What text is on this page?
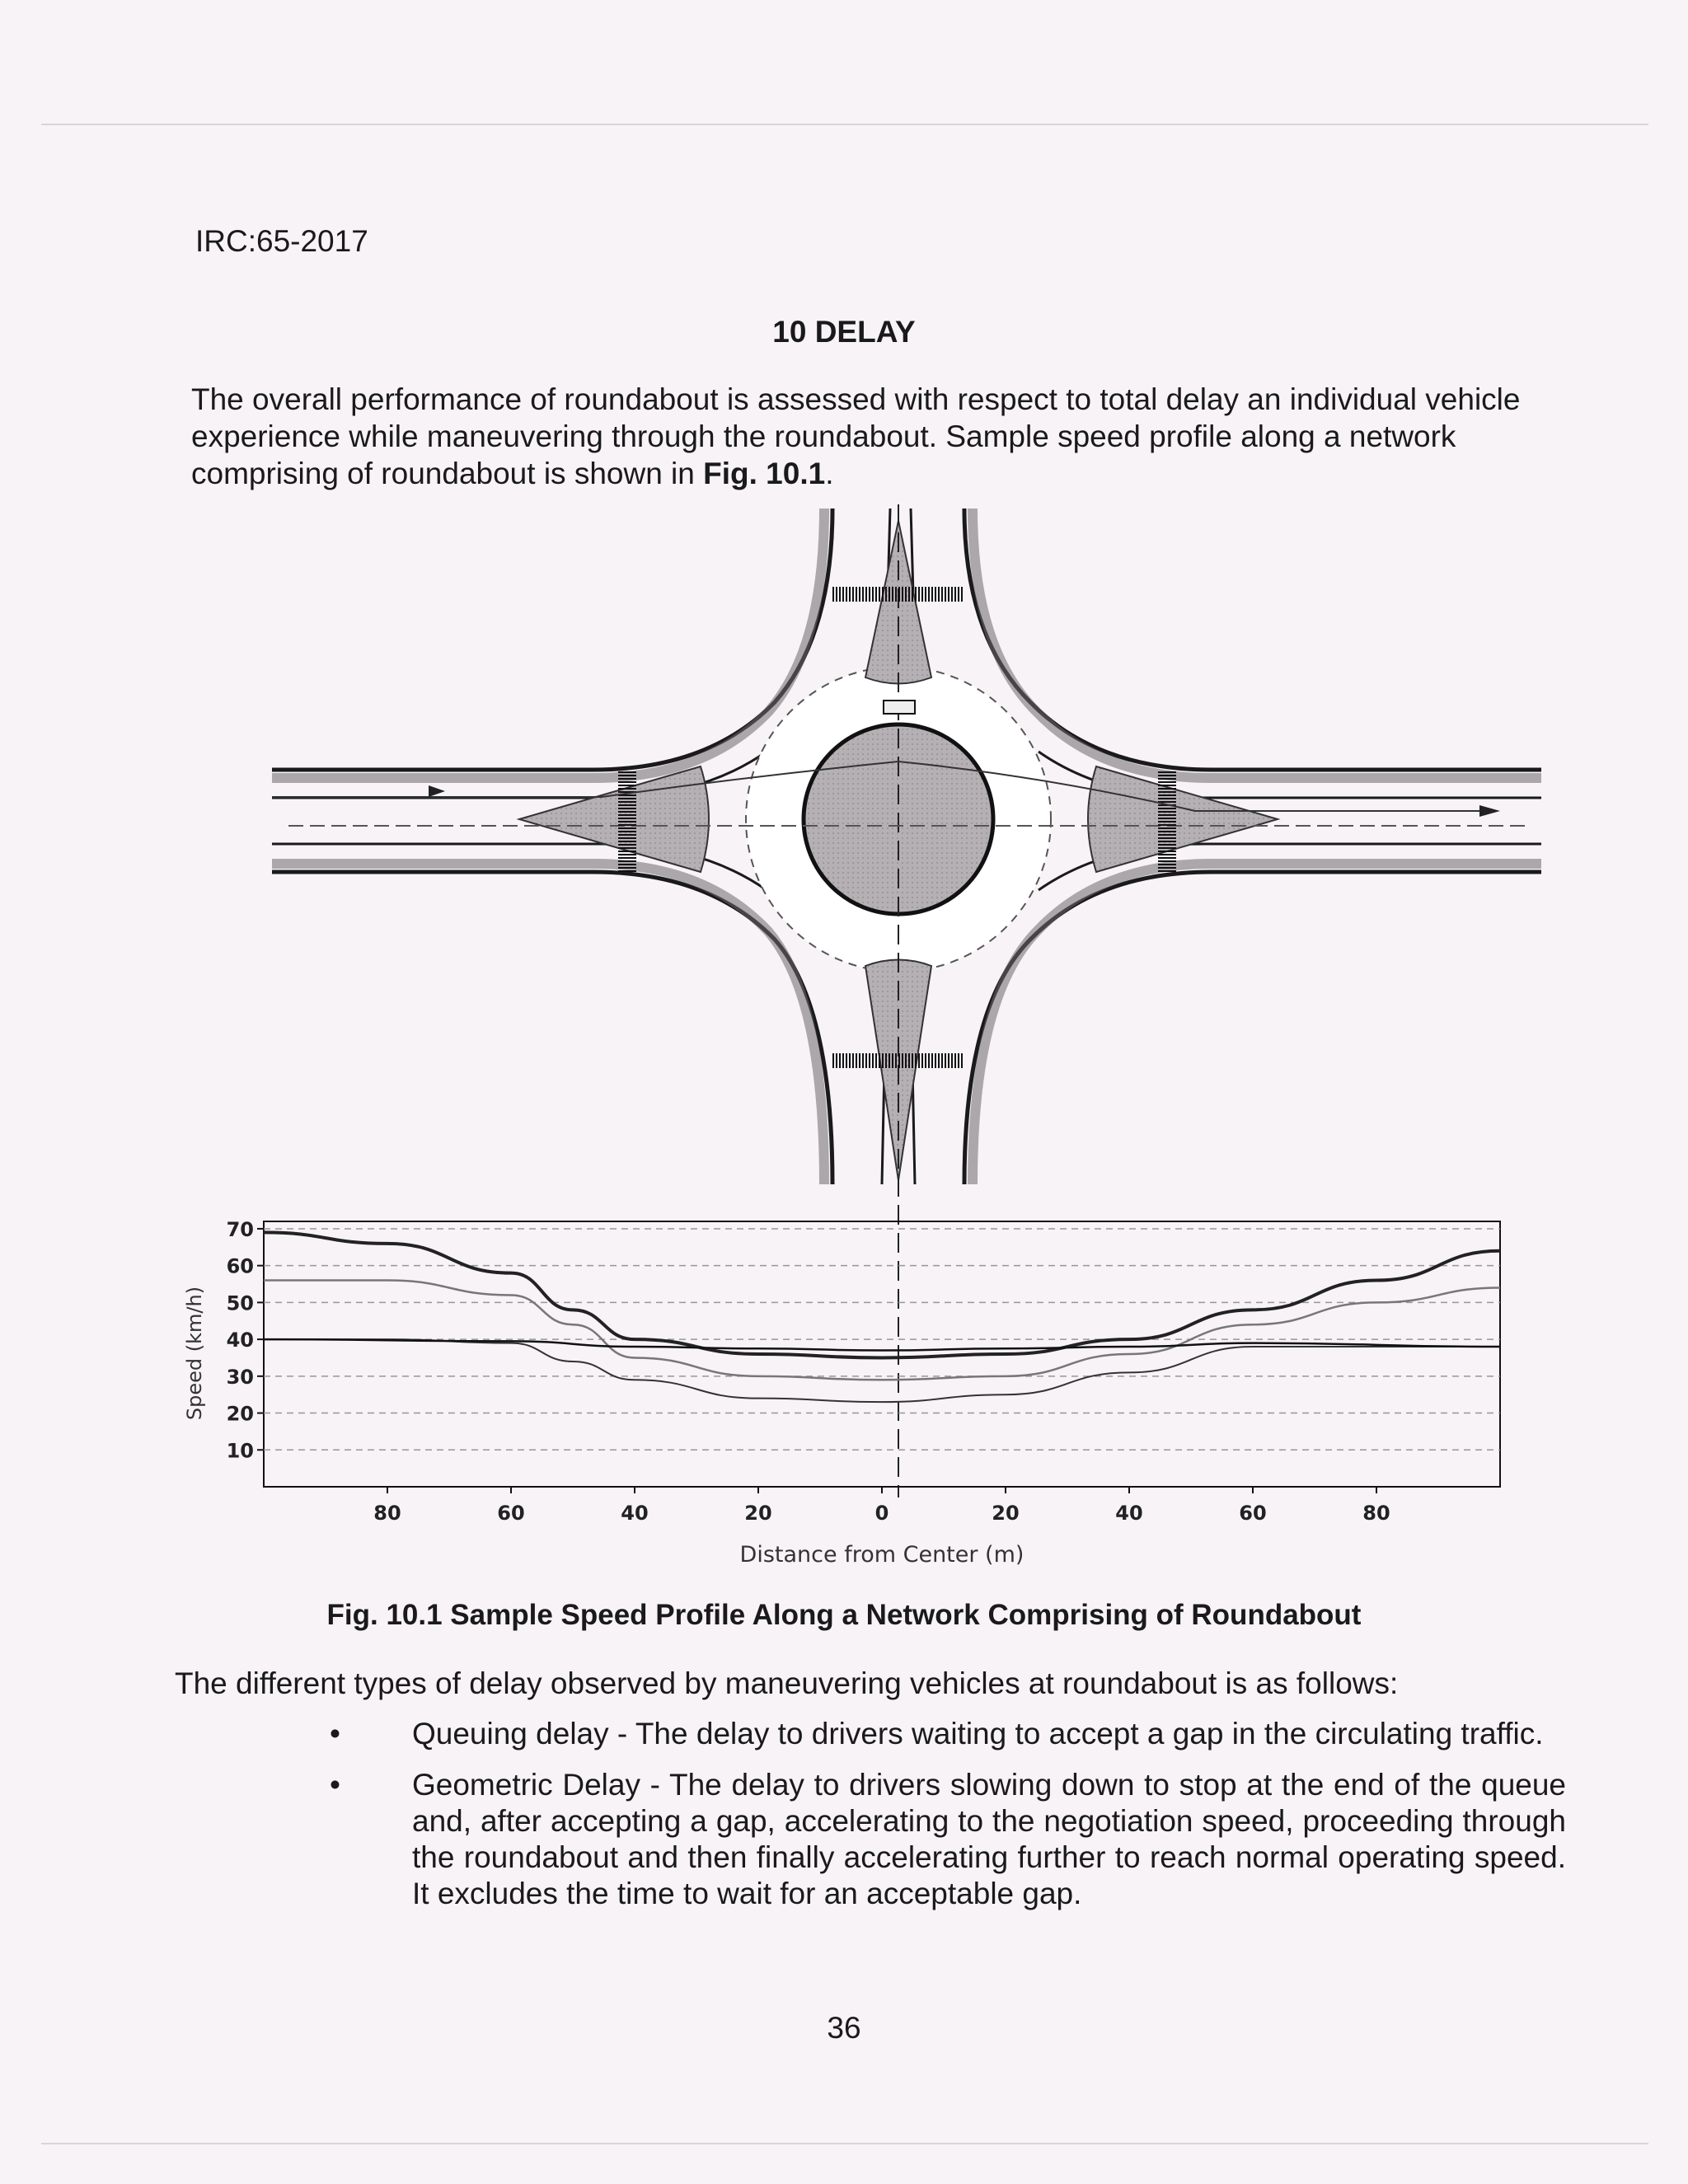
IRC:65-2017
10 DELAY

The overall performance of roundabout is assessed with respect to total delay an individual vehicle experience while maneuvering through the roundabout. Sample speed profile along a network comprising of roundabout is shown in Fig. 10.1.

70
60
50
40
30
20
10
80	60	40	20	0	20	40	60	80
Speed (km/h)
Distance from Center (m)
Fig. 10.1 Sample Speed Profile Along a Network Comprising of Roundabout
The different types of delay observed by maneuvering vehicles at roundabout is as follows:
• Queuing delay - The delay to drivers waiting to accept a gap in the circulating traffic.
• Geometric Delay - The delay to drivers slowing down to stop at the end of the queue and, after accepting a gap, accelerating to the negotiation speed, proceeding through the roundabout and then finally accelerating further to reach normal operating speed. It excludes the time to wait for an acceptable gap.
36
